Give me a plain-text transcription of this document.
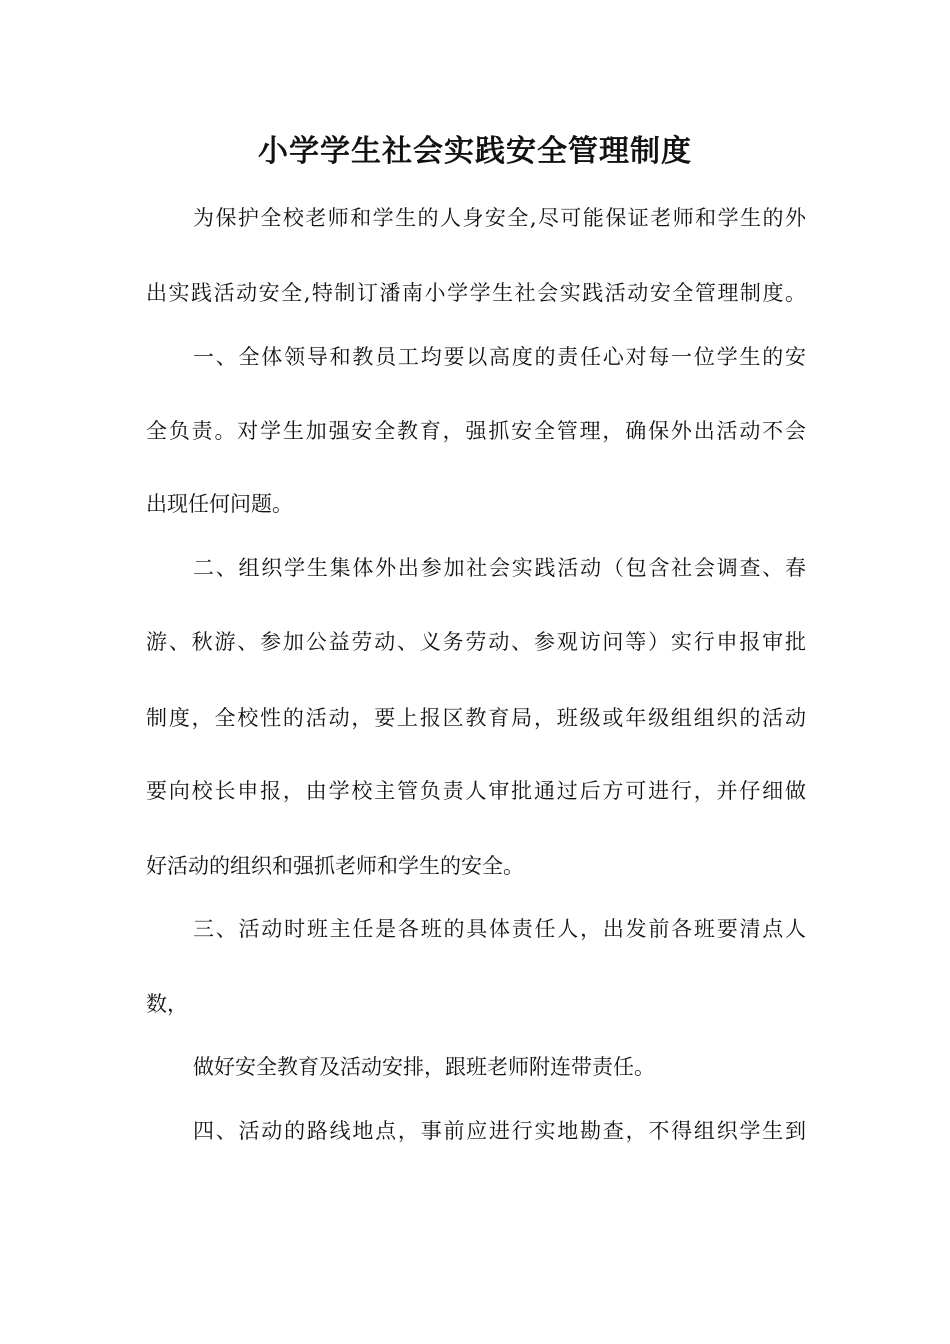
小学学生社会实践安全管理制度

为保护全校老师和学生的人身安全,尽可能保证老师和学生的外

出实践活动安全,特制订潘南小学学生社会实践活动安全管理制度。

一、全体领导和教员工均要以高度的责任心对每一位学生的安

全负责。对学生加强安全教育，强抓安全管理，确保外出活动不会

出现任何问题。

二、组织学生集体外出参加社会实践活动（包含社会调查、春

游、秋游、参加公益劳动、义务劳动、参观访问等）实行申报审批

制度，全校性的活动，要上报区教育局，班级或年级组组织的活动

要向校长申报，由学校主管负责人审批通过后方可进行，并仔细做

好活动的组织和强抓老师和学生的安全。

三、活动时班主任是各班的具体责任人，出发前各班要清点人

数，

做好安全教育及活动安排，跟班老师附连带责任。

四、活动的路线地点，事前应进行实地勘查，不得组织学生到
